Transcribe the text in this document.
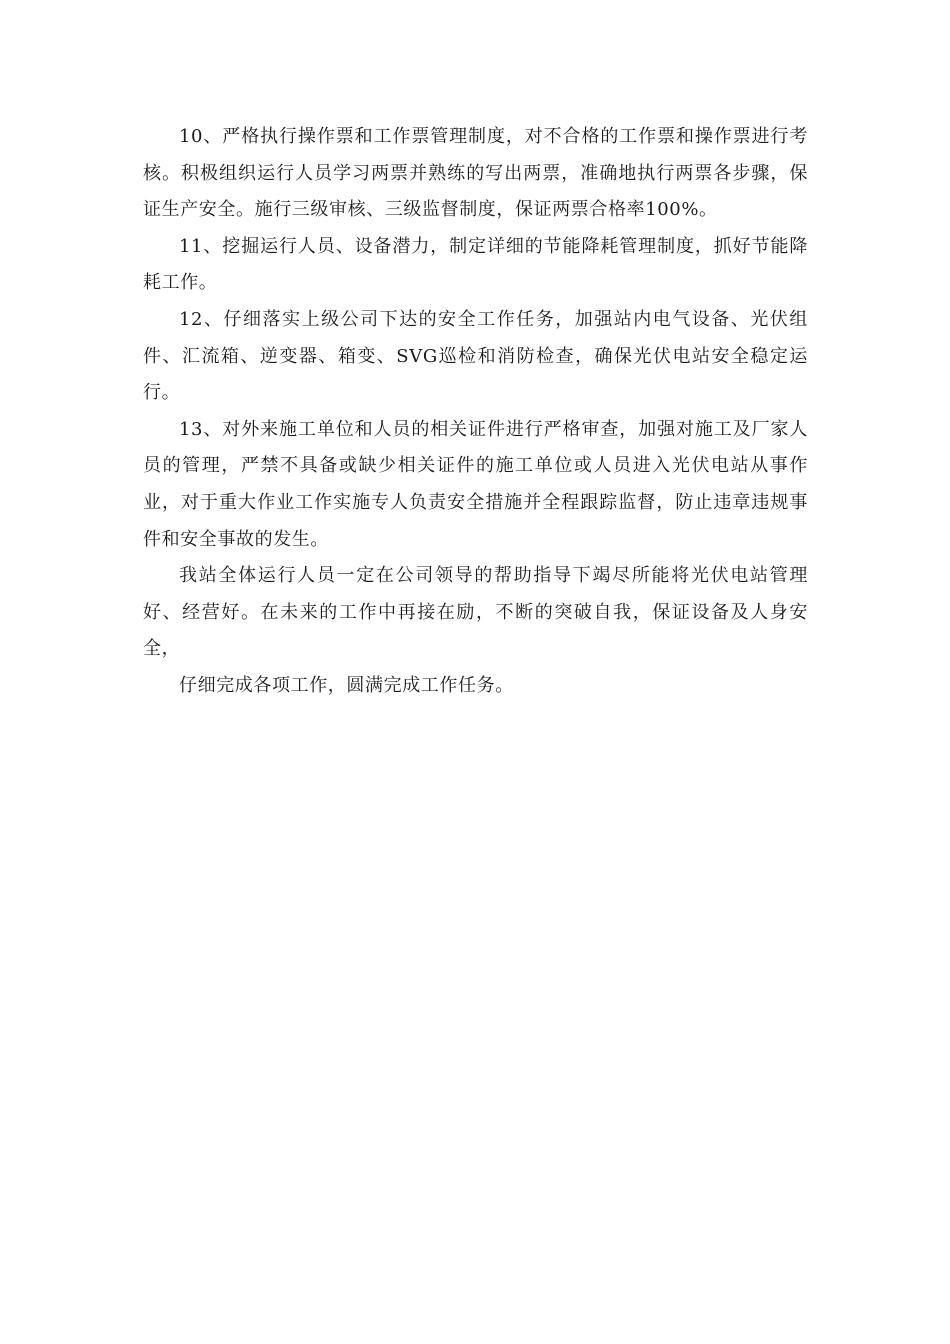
10、严格执行操作票和工作票管理制度，对不合格的工作票和操作票进行考核。积极组织运行人员学习两票并熟练的写出两票，准确地执行两票各步骤，保证生产安全。施行三级审核、三级监督制度，保证两票合格率100%。

11、挖掘运行人员、设备潜力，制定详细的节能降耗管理制度，抓好节能降耗工作。

12、仔细落实上级公司下达的安全工作任务，加强站内电气设备、光伏组件、汇流箱、逆变器、箱变、SVG巡检和消防检查，确保光伏电站安全稳定运行。

13、对外来施工单位和人员的相关证件进行严格审查，加强对施工及厂家人员的管理，严禁不具备或缺少相关证件的施工单位或人员进入光伏电站从事作业，对于重大作业工作实施专人负责安全措施并全程跟踪监督，防止违章违规事件和安全事故的发生。

我站全体运行人员一定在公司领导的帮助指导下竭尽所能将光伏电站管理好、经营好。在未来的工作中再接在励，不断的突破自我，保证设备及人身安全，

仔细完成各项工作，圆满完成工作任务。
